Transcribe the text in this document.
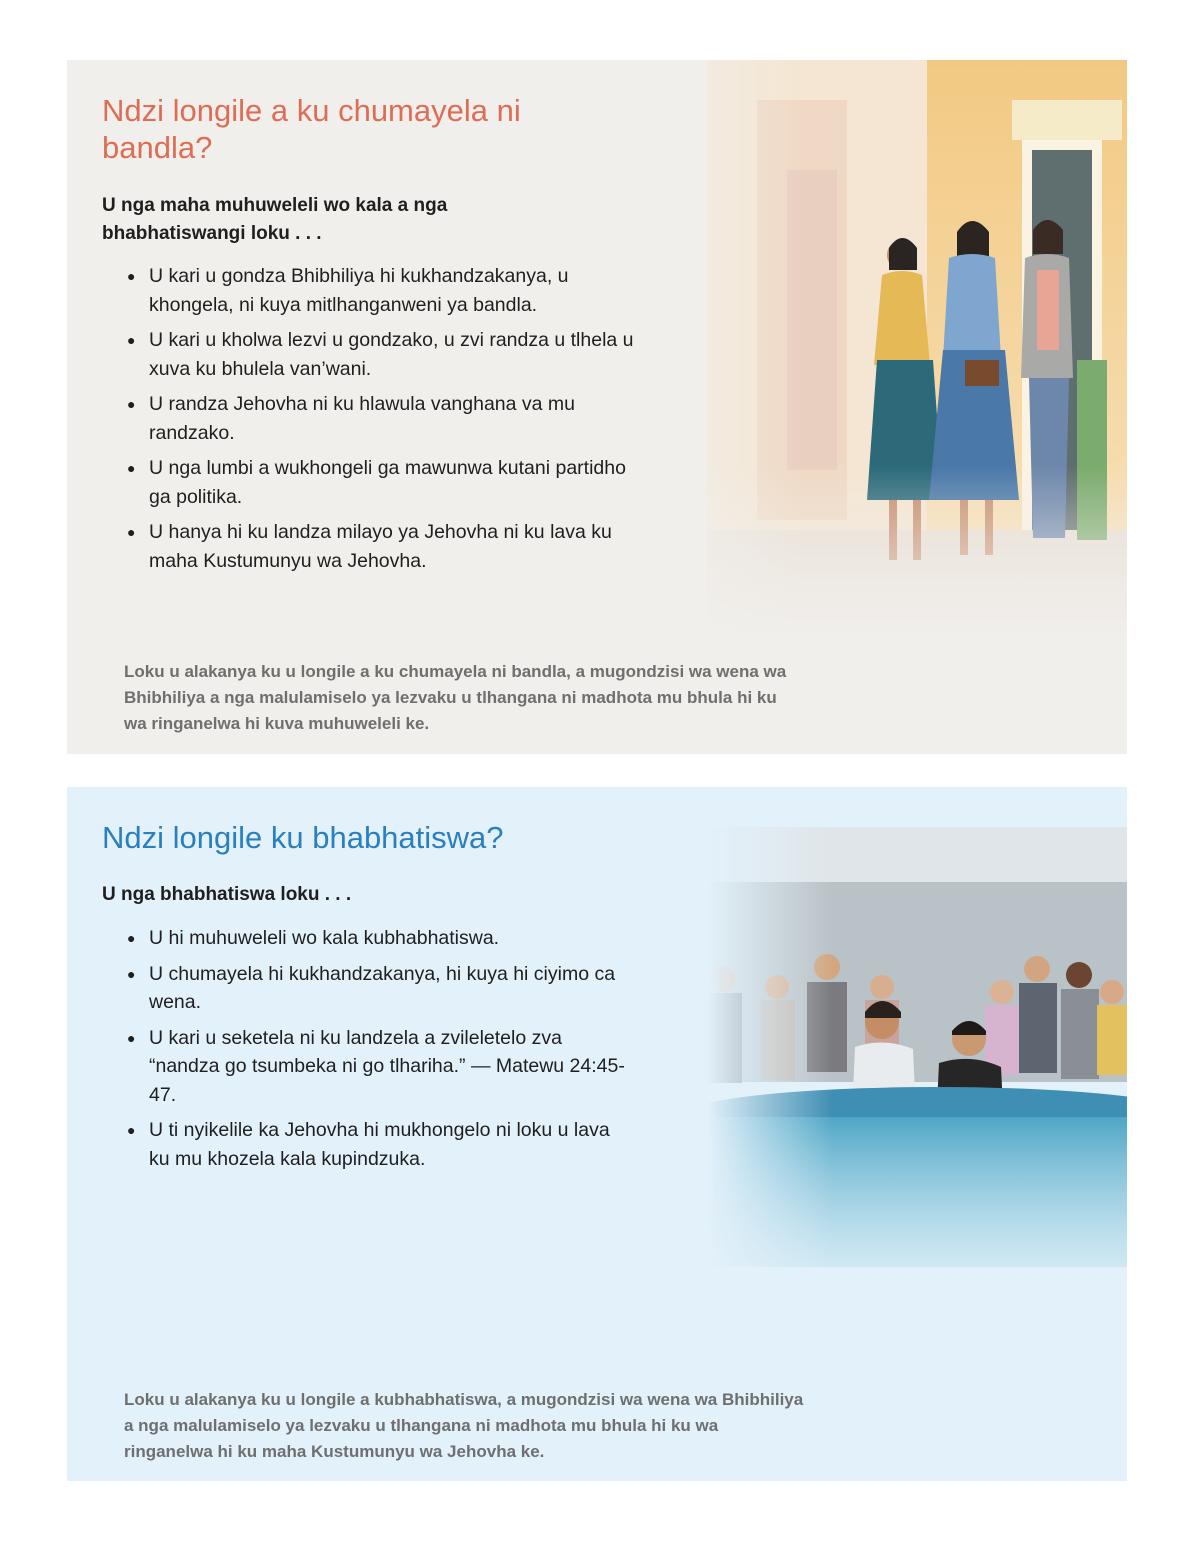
Ndzi longile a ku chumayela ni bandla?

U nga maha muhuweleli wo kala a nga bhabhatiswangi loku . . .

● U kari u gondza Bhibhiliya hi kukhandzakanya, u khongela, ni kuya mitlhanganweni ya bandla.
● U kari u kholwa lezvi u gondzako, u zvi randza u tlhela u xuva ku bhulela van’wani.
● U randza Jehovha ni ku hlawula vanghana va mu randzako.
● U nga lumbi a wukhongeli ga mawunwa kutani partidho ga politika.
● U hanya hi ku landza milayo ya Jehovha ni ku lava ku maha Kustumunyu wa Jehovha.

Loku u alakanya ku u longile a ku chumayela ni bandla, a mugondzisi wa wena wa Bhibhiliya a nga malulamiselo ya lezvaku u tlhangana ni madhota mu bhula hi ku wa ringanelwa hi kuva muhuweleli ke.

Ndzi longile ku bhabhatiswa?

U nga bhabhatiswa loku . . .

● U hi muhuweleli wo kala kubhabhatiswa.
● U chumayela hi kukhandzakanya, hi kuya hi ciyimo ca wena.
● U kari u seketela ni ku landzela a zvileletelo zva “nandza go tsumbeka ni go tlhariha.” — Matewu 24:45-47.
● U ti nyikelile ka Jehovha hi mukhongelo ni loku u lava ku mu khozela kala kupindzuka.

Loku u alakanya ku u longile a kubhabhatiswa, a mugondzisi wa wena wa Bhibhiliya a nga malulamiselo ya lezvaku u tlhangana ni madhota mu bhula hi ku wa ringanelwa hi ku maha Kustumunyu wa Jehovha ke.
